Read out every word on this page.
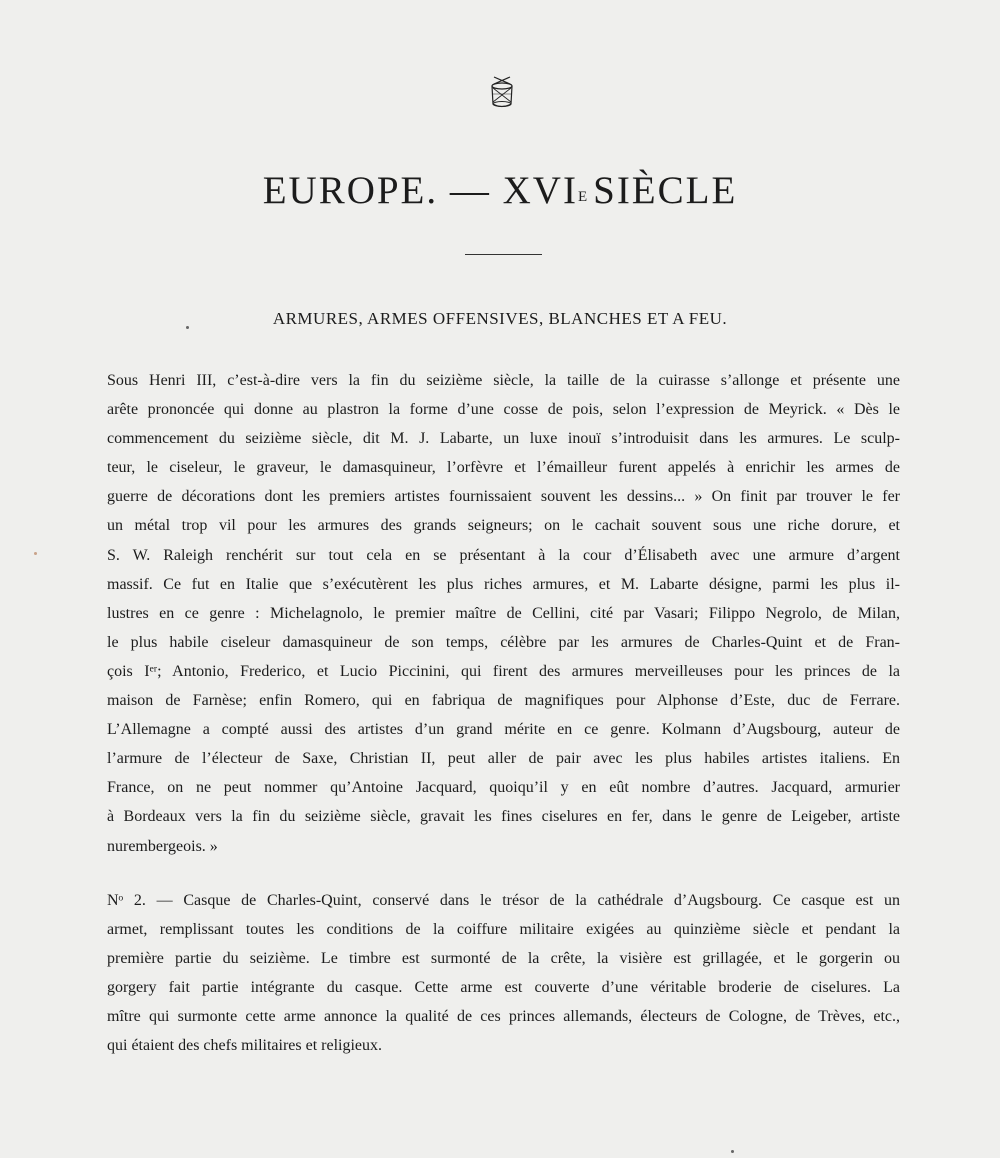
EUROPE. — $XVI^E$ SIÈCLE
ARMURES, ARMES OFFENSIVES, BLANCHES ET A FEU.

Sous Henri III, c’est-à-dire vers la fin du seizième siècle, la taille de la cuirasse s’allonge et présente une
arête prononcée qui donne au plastron la forme d’une cosse de pois, selon l’expression de Meyrick. « Dès le
commencement du seizième siècle, dit M. J. Labarte, un luxe inouï s’introduisit dans les armures. Le sculp-
teur, le ciseleur, le graveur, le damasquineur, l’orfèvre et l’émailleur furent appelés à enrichir les armes de
guerre de décorations dont les premiers artistes fournissaient souvent les dessins... » On finit par trouver le fer
un métal trop vil pour les armures des grands seigneurs; on le cachait souvent sous une riche dorure, et
S. W. Raleigh renchérit sur tout cela en se présentant à la cour d’Élisabeth avec une armure d’argent
massif. Ce fut en Italie que s’exécutèrent les plus riches armures, et M. Labarte désigne, parmi les plus il-
lustres en ce genre : Michelagnolo, le premier maître de Cellini, cité par Vasari; Filippo Negrolo, de Milan,
le plus habile ciseleur damasquineur de son temps, célèbre par les armures de Charles-Quint et de Fran-
çois Iᵉʳ; Antonio, Frederico, et Lucio Piccinini, qui firent des armures merveilleuses pour les princes de la
maison de Farnèse; enfin Romero, qui en fabriqua de magnifiques pour Alphonse d’Este, duc de Ferrare.
L’Allemagne a compté aussi des artistes d’un grand mérite en ce genre. Kolmann d’Augsbourg, auteur de
l’armure de l’électeur de Saxe, Christian II, peut aller de pair avec les plus habiles artistes italiens. En
France, on ne peut nommer qu’Antoine Jacquard, quoiqu’il y en eût nombre d’autres. Jacquard, armurier
à Bordeaux vers la fin du seizième siècle, gravait les fines ciselures en fer, dans le genre de Leigeber, artiste
nurembergeois. »

Nᵒ 2. — Casque de Charles-Quint, conservé dans le trésor de la cathédrale d’Augsbourg. Ce casque est un
armet, remplissant toutes les conditions de la coiffure militaire exigées au quinzième siècle et pendant la
première partie du seizième. Le timbre est surmonté de la crête, la visière est grillagée, et le gorgerin ou
gorgery fait partie intégrante du casque. Cette arme est couverte d’une véritable broderie de ciselures. La
mître qui surmonte cette arme annonce la qualité de ces princes allemands, électeurs de Cologne, de Trèves, etc.,
qui étaient des chefs militaires et religieux.
